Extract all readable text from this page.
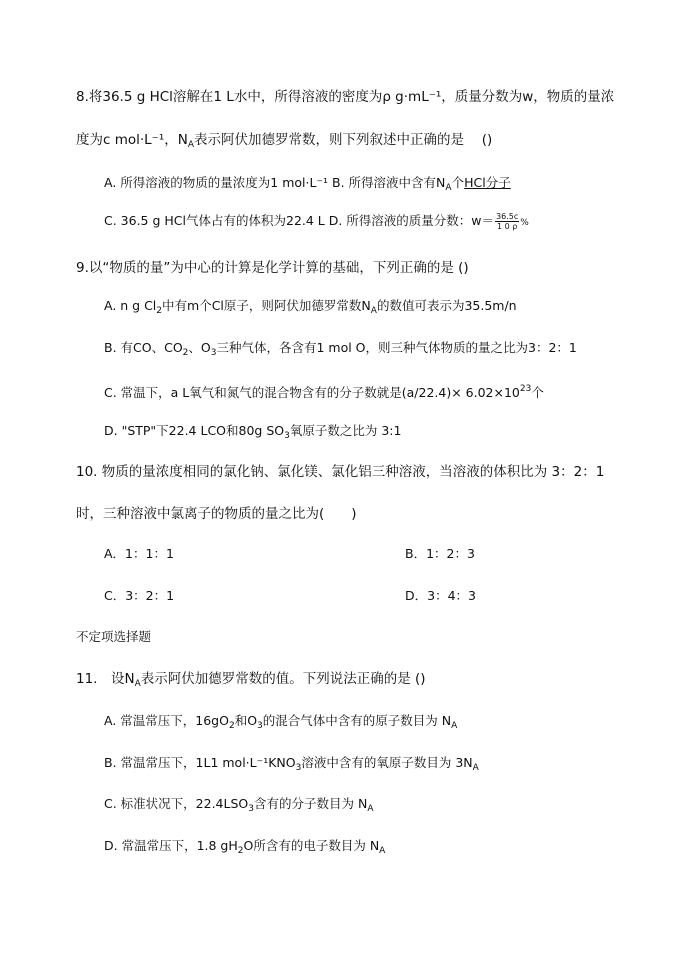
8.将36.5 g HCl溶解在1 L水中，所得溶液的密度为ρ g·mL⁻¹，质量分数为w，物质的量浓
度为c mol·L⁻¹，$N_A$表示阿伏加德罗常数，则下列叙述中正确的是　 ()
A. 所得溶液的物质的量浓度为1 mol·L⁻¹ B. 所得溶液中含有$N_A$个HCl分子
C. 36.5 g HCl气体占有的体积为22.4 L D. 所得溶液的质量分数：$w= \frac{36.5c}{1 0 \rho}$ %
9.以“物质的量”为中心的计算是化学计算的基础，下列正确的是 ()
A. n g $Cl_2$中有m个Cl原子，则阿伏加德罗常数$N_A$的数值可表示为35.5m/n
B. 有CO、$CO_2$、$O_3$三种气体，各含有1 mol O，则三种气体物质的量之比为3：2：1
C. 常温下，a L氧气和氮气的混合物含有的分子数就是$(a/22.4)\times 6.02\times 10^{23}$个
D. "STP"下22.4 LCO和80g $SO_3$氧原子数之比为 3:1
10. 物质的量浓度相同的氯化钠、氯化镁、氯化铝三种溶液，当溶液的体积比为 3：2：1
时，三种溶液中氯离子的物质的量之比为(　　)
A．1：1：1	B．1：2：3
C．3：2：1	D．3：4：3
不定项选择题
11.　设$N_A$表示阿伏加德罗常数的值。下列说法正确的是 ()
A. 常温常压下，$16gO_2$和$O_3$的混合气体中含有的原子数目为 $N_A$
B. 常温常压下，1L1 $mol\cdot L^{-1}KNO_3$溶液中含有的氧原子数目为 $3N_A$
C. 标准状况下，$22.4LSO_3$含有的分子数目为 $N_A$
D. 常温常压下，1.8 $gH_2O$所含有的电子数目为 $N_A$
